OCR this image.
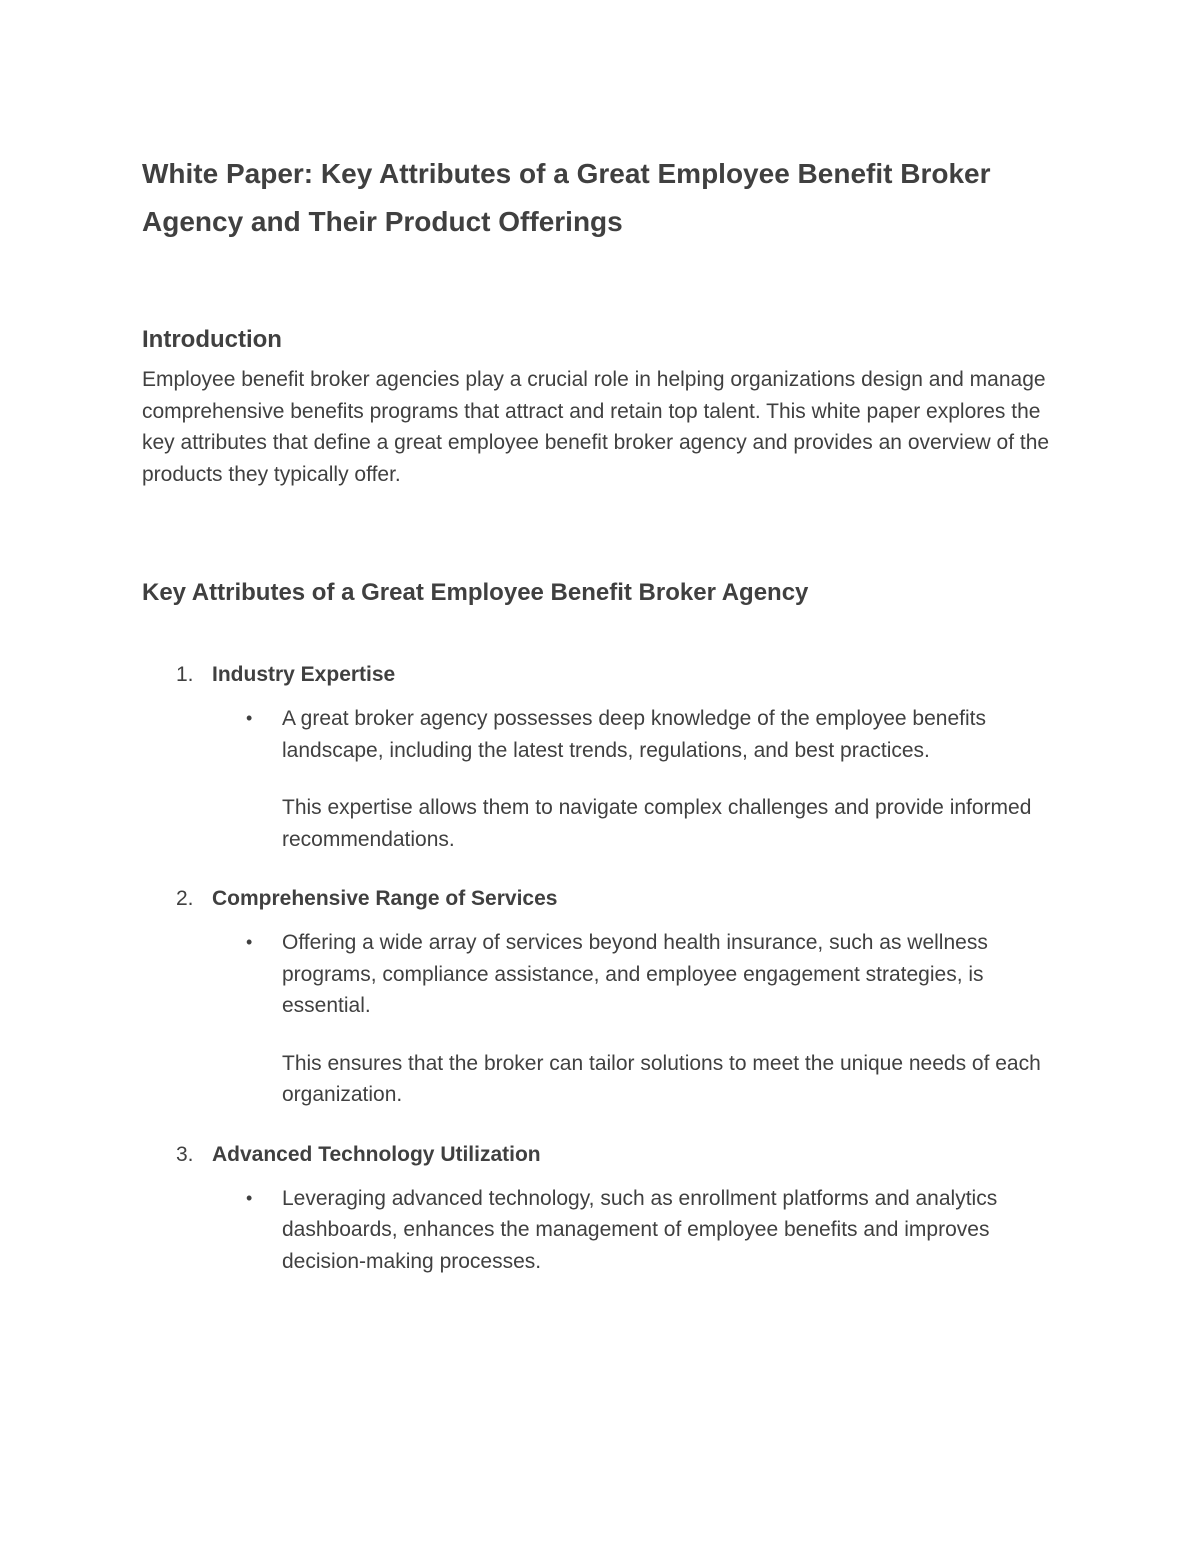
White Paper: Key Attributes of a Great Employee Benefit Broker Agency and Their Product Offerings
Introduction

Employee benefit broker agencies play a crucial role in helping organizations design and manage comprehensive benefits programs that attract and retain top talent. This white paper explores the key attributes that define a great employee benefit broker agency and provides an overview of the products they typically offer.

Key Attributes of a Great Employee Benefit Broker Agency
1. Industry Expertise
•	A great broker agency possesses deep knowledge of the employee benefits landscape, including the latest trends, regulations, and best practices.

This expertise allows them to navigate complex challenges and provide informed recommendations.

2. Comprehensive Range of Services
•	Offering a wide array of services beyond health insurance, such as wellness programs, compliance assistance, and employee engagement strategies, is essential.

This ensures that the broker can tailor solutions to meet the unique needs of each organization.

3. Advanced Technology Utilization
•	Leveraging advanced technology, such as enrollment platforms and analytics dashboards, enhances the management of employee benefits and improves decision-making processes.
